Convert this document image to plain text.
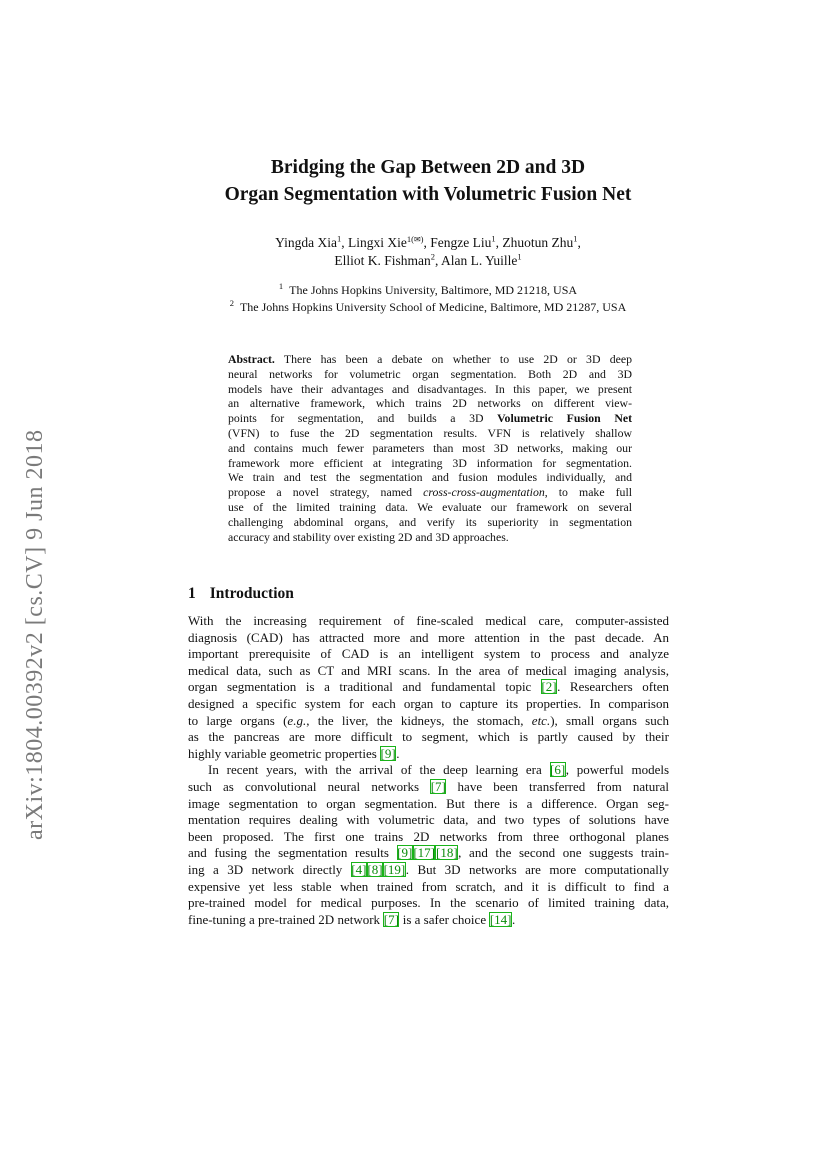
arXiv:1804.00392v2 [cs.CV] 9 Jun 2018
Bridging the Gap Between 2D and 3D
Organ Segmentation with Volumetric Fusion Net
Yingda Xia$^1$, Lingxi Xie$^{1(✉)}$, Fengze Liu$^1$, Zhuotun Zhu$^1$,
Elliot K. Fishman$^2$, Alan L. Yuille$^1$
$^1$ The Johns Hopkins University, Baltimore, MD 21218, USA
$^2$ The Johns Hopkins University School of Medicine, Baltimore, MD 21287, USA
Abstract. There has been a debate on whether to use 2D or 3D deep
neural networks for volumetric organ segmentation. Both 2D and 3D
models have their advantages and disadvantages. In this paper, we present
an alternative framework, which trains 2D networks on different view-
points for segmentation, and builds a 3D Volumetric Fusion Net
(VFN) to fuse the 2D segmentation results. VFN is relatively shallow
and contains much fewer parameters than most 3D networks, making our
framework more efficient at integrating 3D information for segmentation.
We train and test the segmentation and fusion modules individually, and
propose a novel strategy, named cross-cross-augmentation, to make full
use of the limited training data. We evaluate our framework on several
challenging abdominal organs, and verify its superiority in segmentation
accuracy and stability over existing 2D and 3D approaches.
1 Introduction
With the increasing requirement of fine-scaled medical care, computer-assisted
diagnosis (CAD) has attracted more and more attention in the past decade. An
important prerequisite of CAD is an intelligent system to process and analyze
medical data, such as CT and MRI scans. In the area of medical imaging analysis,
organ segmentation is a traditional and fundamental topic [2]. Researchers often
designed a specific system for each organ to capture its properties. In comparison
to large organs (e.g., the liver, the kidneys, the stomach, etc.), small organs such
as the pancreas are more difficult to segment, which is partly caused by their
highly variable geometric properties [9].
In recent years, with the arrival of the deep learning era [6], powerful models
such as convolutional neural networks [7] have been transferred from natural
image segmentation to organ segmentation. But there is a difference. Organ seg-
mentation requires dealing with volumetric data, and two types of solutions have
been proposed. The first one trains 2D networks from three orthogonal planes
and fusing the segmentation results [9][17][18], and the second one suggests train-
ing a 3D network directly [4][8][19]. But 3D networks are more computationally
expensive yet less stable when trained from scratch, and it is difficult to find a
pre-trained model for medical purposes. In the scenario of limited training data,
fine-tuning a pre-trained 2D network [7] is a safer choice [14].
